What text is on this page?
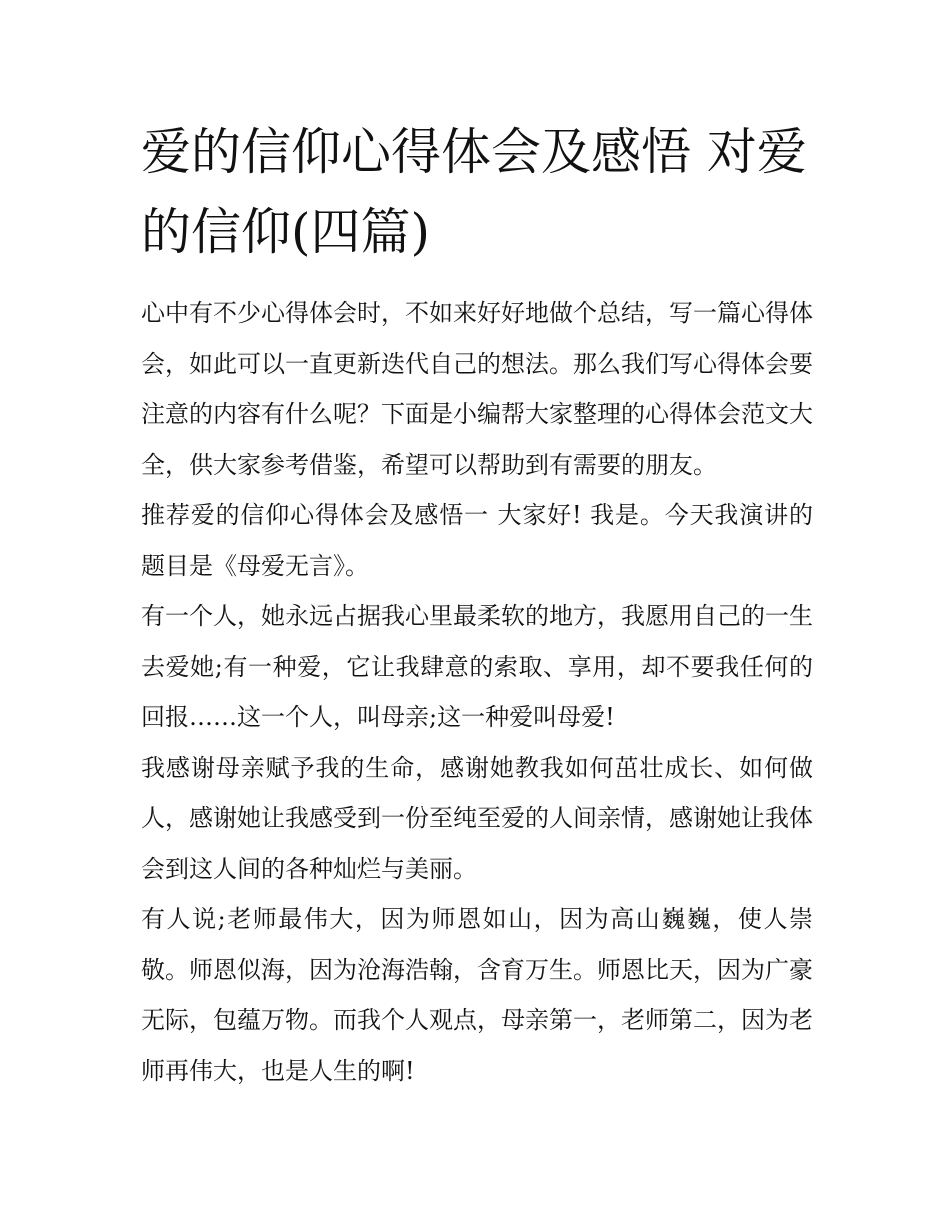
爱的信仰心得体会及感悟 对爱的信仰(四篇)

心中有不少心得体会时，不如来好好地做个总结，写一篇心得体会，如此可以一直更新迭代自己的想法。那么我们写心得体会要注意的内容有什么呢？下面是小编帮大家整理的心得体会范文大全，供大家参考借鉴，希望可以帮助到有需要的朋友。

推荐爱的信仰心得体会及感悟一 大家好! 我是。今天我演讲的题目是《母爱无言》。

有一个人，她永远占据我心里最柔软的地方，我愿用自己的一生去爱她;有一种爱，它让我肆意的索取、享用，却不要我任何的回报……这一个人，叫母亲;这一种爱叫母爱!

我感谢母亲赋予我的生命，感谢她教我如何茁壮成长、如何做人，感谢她让我感受到一份至纯至爱的人间亲情，感谢她让我体会到这人间的各种灿烂与美丽。

有人说;老师最伟大，因为师恩如山，因为高山巍巍，使人崇敬。师恩似海，因为沧海浩翰，含育万生。师恩比天，因为广豪无际，包蕴万物。而我个人观点，母亲第一，老师第二，因为老师再伟大，也是人生的啊!
